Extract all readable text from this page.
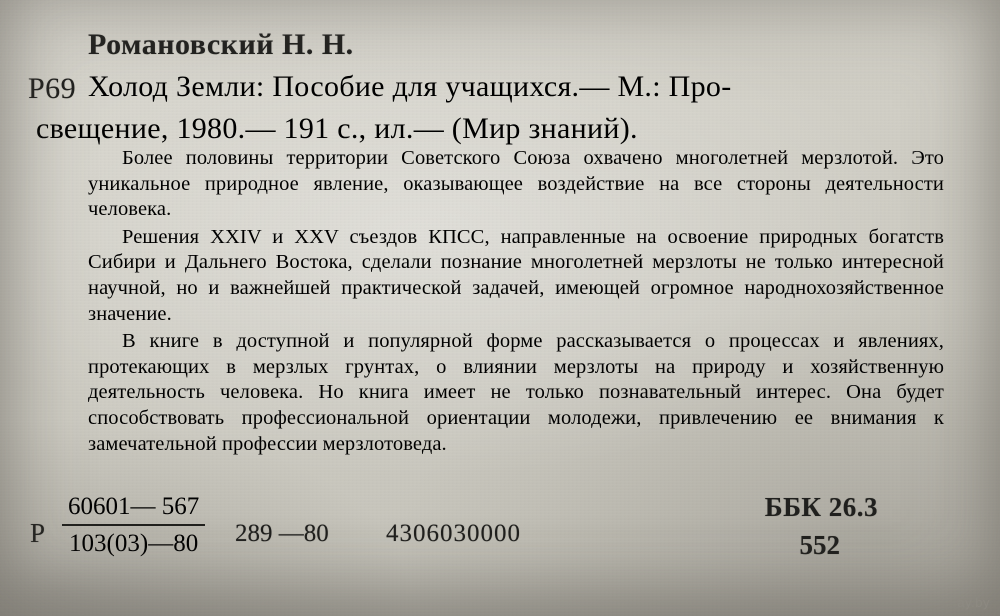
Романовский Н. Н.
Р69 Холод Земли: Пособие для учащихся.— М.: Про-
свещение, 1980.— 191 с., ил.— (Мир знаний).

Более половины территории Советского Союза охвачено многолетней мерзлотой. Это уникальное природное явление, оказывающее воздействие на все стороны деятельности человека.

Решения XXIV и XXV съездов КПСС, направленные на освоение природных богатств Сибири и Дальнего Востока, сделали познание многолетней мерзлоты не только интересной научной, но и важнейшей практической задачей, имеющей огромное народнохозяйственное значение.

В книге в доступной и популярной форме рассказывается о процессах и явлениях, протекающих в мерзлых грунтах, о влиянии мерзлоты на природу и хозяйственную деятельность человека. Но книга имеет не только познавательный интерес. Она будет способствовать профессиональной ориентации молодежи, привлечению ее внимания к замечательной профессии мерзлотоведа.

Р
60601— 567
103(03)—80 289 —80 4306030000
ББК 26.3
552
ay.by
